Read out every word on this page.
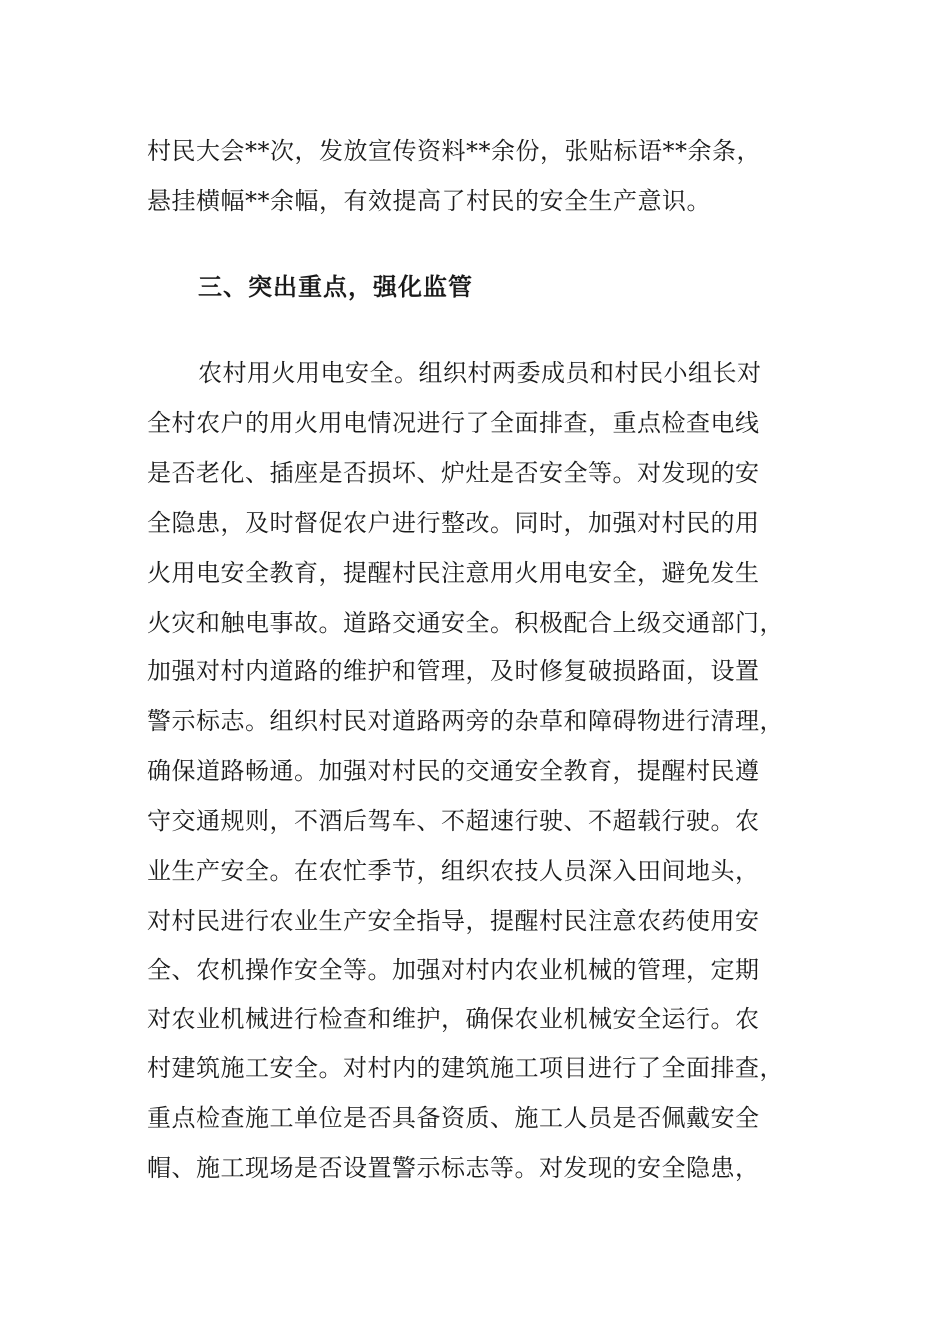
村民大会**次，发放宣传资料**余份，张贴标语**余条，
悬挂横幅**余幅，有效提高了村民的安全生产意识。
三、突出重点，强化监管
农村用火用电安全。组织村两委成员和村民小组长对
全村农户的用火用电情况进行了全面排查，重点检查电线
是否老化、插座是否损坏、炉灶是否安全等。对发现的安
全隐患，及时督促农户进行整改。同时，加强对村民的用
火用电安全教育，提醒村民注意用火用电安全，避免发生
火灾和触电事故。道路交通安全。积极配合上级交通部门，
加强对村内道路的维护和管理，及时修复破损路面，设置
警示标志。组织村民对道路两旁的杂草和障碍物进行清理，
确保道路畅通。加强对村民的交通安全教育，提醒村民遵
守交通规则，不酒后驾车、不超速行驶、不超载行驶。农
业生产安全。在农忙季节，组织农技人员深入田间地头，
对村民进行农业生产安全指导，提醒村民注意农药使用安
全、农机操作安全等。加强对村内农业机械的管理，定期
对农业机械进行检查和维护，确保农业机械安全运行。农
村建筑施工安全。对村内的建筑施工项目进行了全面排查，
重点检查施工单位是否具备资质、施工人员是否佩戴安全
帽、施工现场是否设置警示标志等。对发现的安全隐患，
